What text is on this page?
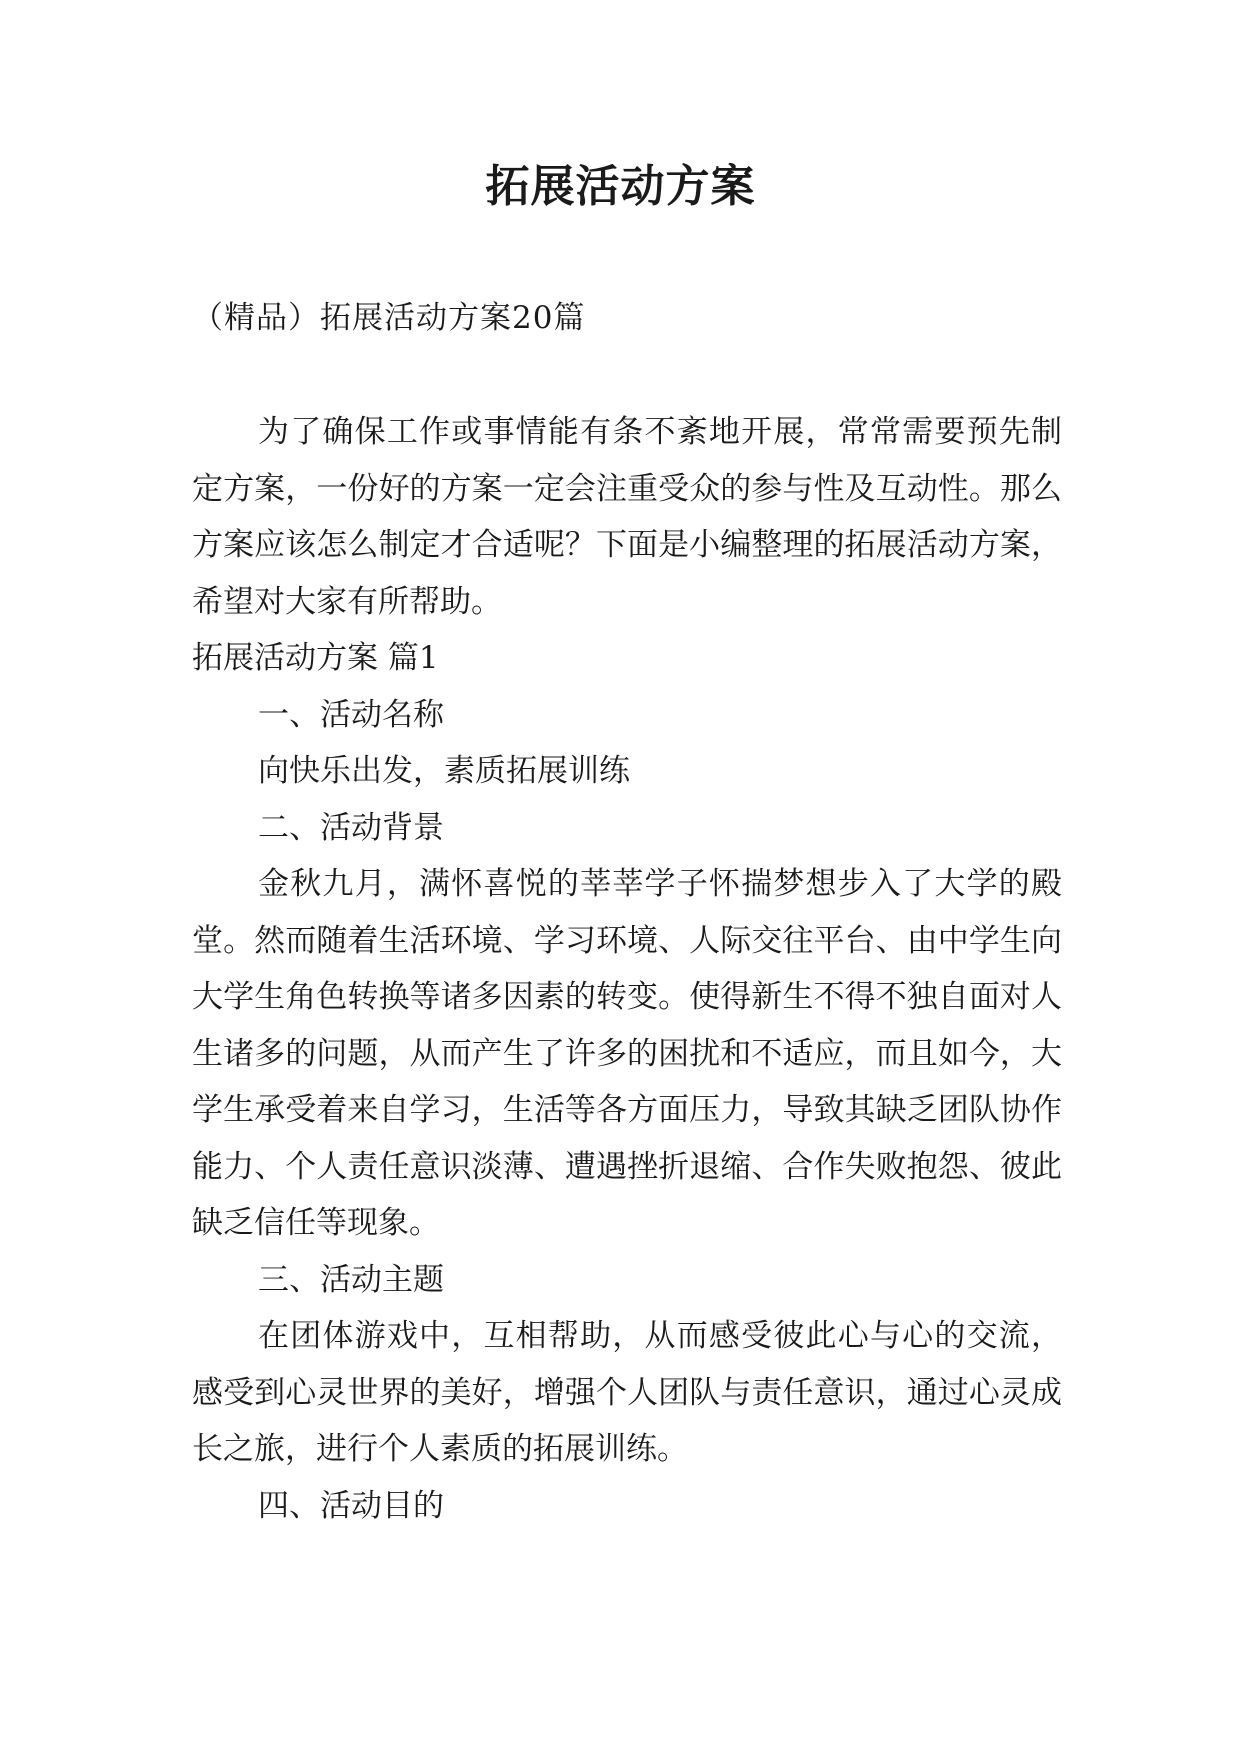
拓展活动方案
（精品）拓展活动方案20篇

为了确保工作或事情能有条不紊地开展，常常需要预先制定方案，一份好的方案一定会注重受众的参与性及互动性。那么方案应该怎么制定才合适呢？下面是小编整理的拓展活动方案，希望对大家有所帮助。

拓展活动方案 篇1

一、活动名称

向快乐出发，素质拓展训练

二、活动背景

金秋九月，满怀喜悦的莘莘学子怀揣梦想步入了大学的殿堂。然而随着生活环境、学习环境、人际交往平台、由中学生向大学生角色转换等诸多因素的转变。使得新生不得不独自面对人生诸多的问题，从而产生了许多的困扰和不适应，而且如今，大学生承受着来自学习，生活等各方面压力，导致其缺乏团队协作能力、个人责任意识淡薄、遭遇挫折退缩、合作失败抱怨、彼此缺乏信任等现象。

三、活动主题

在团体游戏中，互相帮助，从而感受彼此心与心的交流，感受到心灵世界的美好，增强个人团队与责任意识，通过心灵成长之旅，进行个人素质的拓展训练。

四、活动目的
